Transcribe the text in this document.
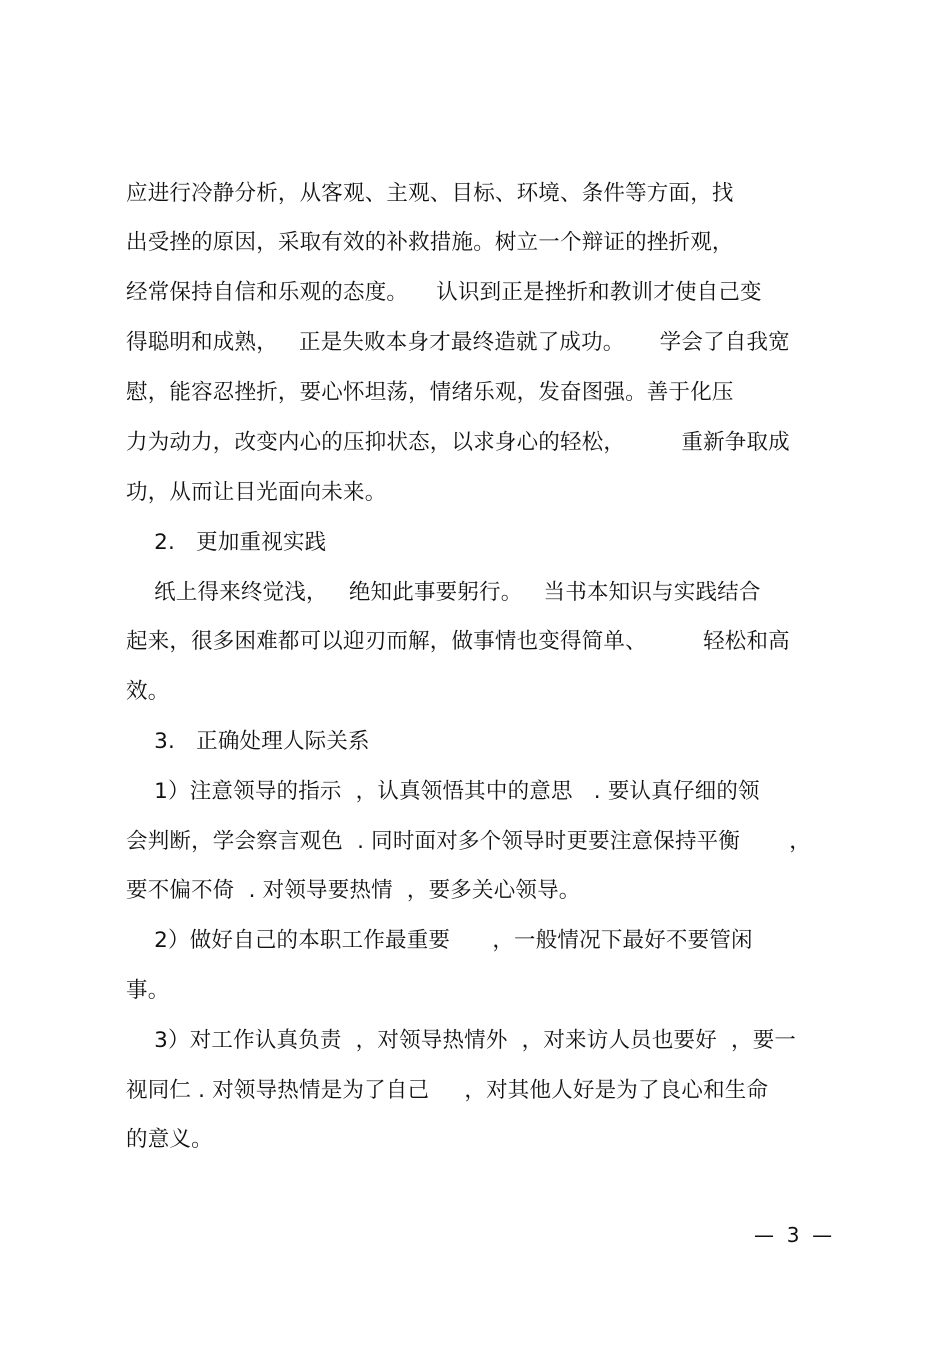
应进行冷静分析，从客观、主观、目标、环境、条件等方面，找
出受挫的原因，采取有效的补救措施。树立一个辩证的挫折观，
经常保持自信和乐观的态度。    认识到正是挫折和教训才使自己变
得聪明和成熟，   正是失败本身才最终造就了成功。     学会了自我宽
慰，能容忍挫折，要心怀坦荡，情绪乐观，发奋图强。善于化压
力为动力，改变内心的压抑状态，以求身心的轻松，        重新争取成
功，从而让目光面向未来。
2.   更加重视实践
纸上得来终觉浅，   绝知此事要躬行。   当书本知识与实践结合
起来，很多困难都可以迎刃而解，做事情也变得简单、        轻松和高
效。
3.   正确处理人际关系
1）注意领导的指示  ，认真领悟其中的意思   . 要认真仔细的领
会判断，学会察言观色  . 同时面对多个领导时更要注意保持平衡       ，
要不偏不倚  . 对领导要热情  ，要多关心领导。
2）做好自己的本职工作最重要      ，一般情况下最好不要管闲
事。
3）对工作认真负责  ，对领导热情外  ，对来访人员也要好  ，要一
视同仁 . 对领导热情是为了自己     ，对其他人好是为了良心和生命
的意义。
—  3  —
